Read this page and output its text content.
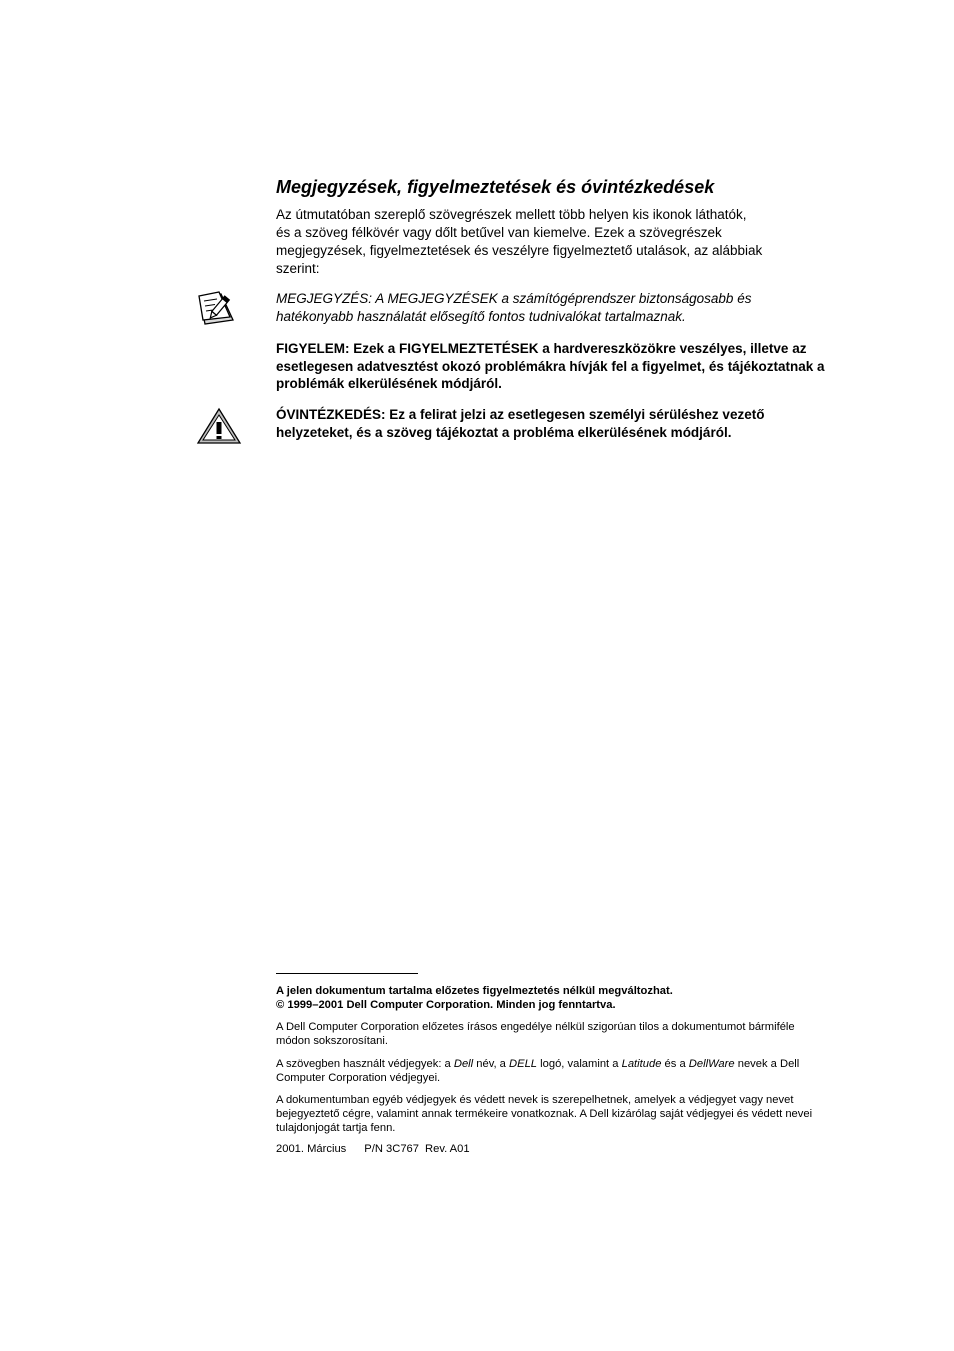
Megjegyzések, figyelmeztetések és óvintézkedések

Az útmutatóban szereplő szövegrészek mellett több helyen kis ikonok láthatók,
és a szöveg félkövér vagy dőlt betűvel van kiemelve. Ezek a szövegrészek
megjegyzések, figyelmeztetések és veszélyre figyelmeztető utalások, az alábbiak
szerint:

MEGJEGYZÉS: A MEGJEGYZÉSEK a számítógéprendszer biztonságosabb és hatékonyabb használatát elősegítő fontos tudnivalókat tartalmaznak.

FIGYELEM: Ezek a FIGYELMEZTETÉSEK a hardvereszközökre veszélyes, illetve az esetlegesen adatvesztést okozó problémákra hívják fel a figyelmet, és tájékoztatnak a problémák elkerülésének módjáról.

ÓVINTÉZKEDÉS: Ez a felirat jelzi az esetlegesen személyi sérüléshez vezető helyzeteket, és a szöveg tájékoztat a probléma elkerülésének módjáról.

A jelen dokumentum tartalma előzetes figyelmeztetés nélkül megváltozhat.
© 1999–2001 Dell Computer Corporation. Minden jog fenntartva.

A Dell Computer Corporation előzetes írásos engedélye nélkül szigorúan tilos a dokumentumot bármiféle módon sokszorosítani.

A szövegben használt védjegyek: a Dell név, a DELL logó, valamint a Latitude és a DellWare nevek a Dell Computer Corporation védjegyei.

A dokumentumban egyéb védjegyek és védett nevek is szerepelhetnek, amelyek a védjegyet vagy nevet bejegyeztető cégre, valamint annak termékeire vonatkoznak. A Dell kizárólag saját védjegyei és védett nevei tulajdonjogát tartja fenn.

2001. Március P/N 3C767 Rev. A01
